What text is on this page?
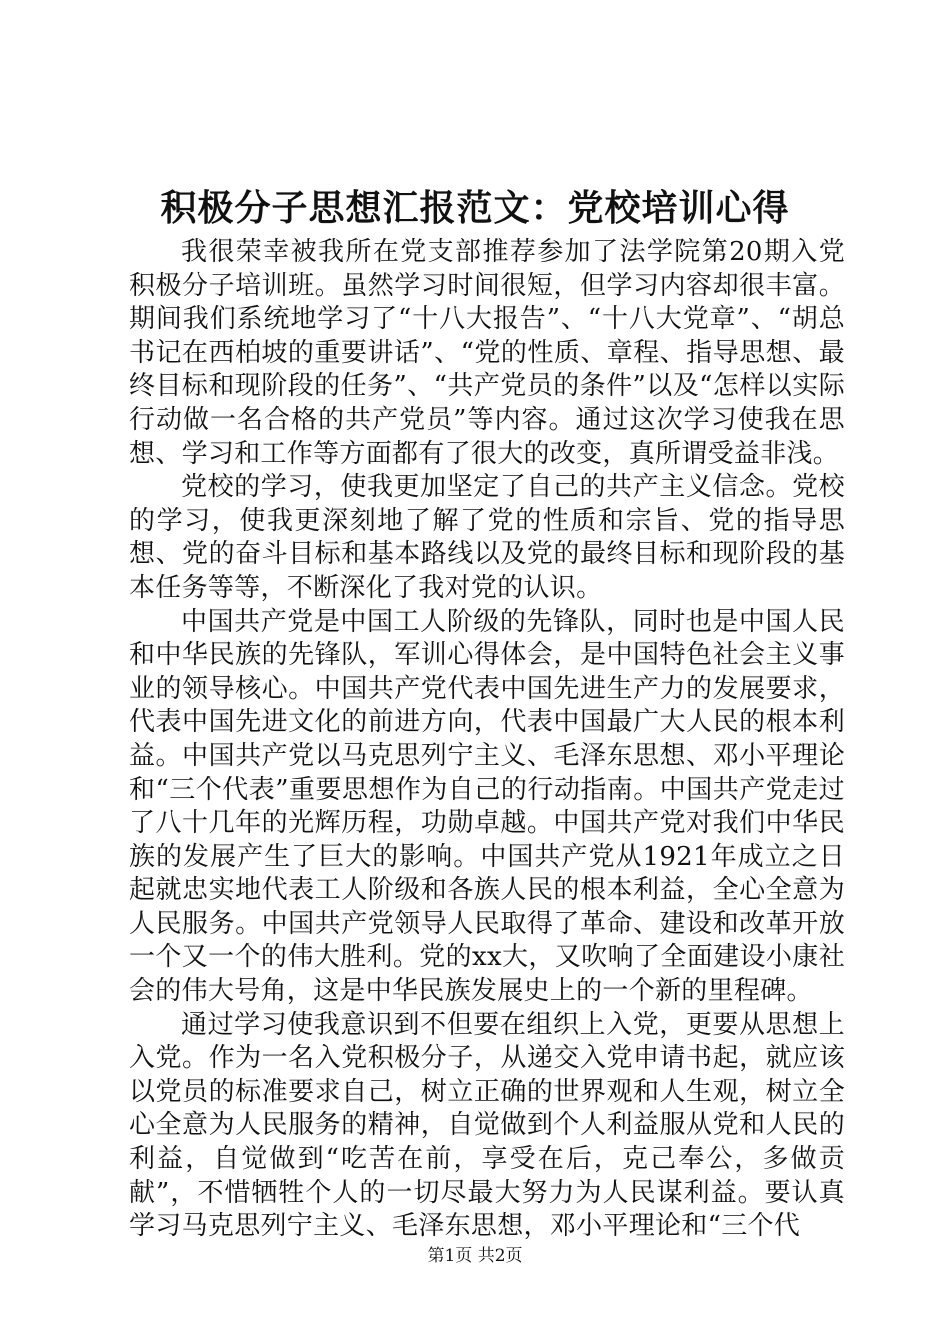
积极分子思想汇报范文：党校培训心得

我很荣幸被我所在党支部推荐参加了法学院第20期入党积极分子培训班。虽然学习时间很短，但学习内容却很丰富。期间我们系统地学习了“十八大报告”、“十八大党章”、“胡总书记在西柏坡的重要讲话”、“党的性质、章程、指导思想、最终目标和现阶段的任务”、“共产党员的条件”以及“怎样以实际行动做一名合格的共产党员”等内容。通过这次学习使我在思想、学习和工作等方面都有了很大的改变，真所谓受益非浅。

党校的学习，使我更加坚定了自己的共产主义信念。党校的学习，使我更深刻地了解了党的性质和宗旨、党的指导思想、党的奋斗目标和基本路线以及党的最终目标和现阶段的基本任务等等，不断深化了我对党的认识。

中国共产党是中国工人阶级的先锋队，同时也是中国人民和中华民族的先锋队，军训心得体会，是中国特色社会主义事业的领导核心。中国共产党代表中国先进生产力的发展要求，代表中国先进文化的前进方向，代表中国最广大人民的根本利益。中国共产党以马克思列宁主义、毛泽东思想、邓小平理论和“三个代表”重要思想作为自己的行动指南。中国共产党走过了八十几年的光辉历程，功勋卓越。中国共产党对我们中华民族的发展产生了巨大的影响。中国共产党从1921年成立之日起就忠实地代表工人阶级和各族人民的根本利益，全心全意为人民服务。中国共产党领导人民取得了革命、建设和改革开放一个又一个的伟大胜利。党的xx大，又吹响了全面建设小康社会的伟大号角，这是中华民族发展史上的一个新的里程碑。

通过学习使我意识到不但要在组织上入党，更要从思想上入党。作为一名入党积极分子，从递交入党申请书起，就应该以党员的标准要求自己，树立正确的世界观和人生观，树立全心全意为人民服务的精神，自觉做到个人利益服从党和人民的利益，自觉做到“吃苦在前，享受在后，克己奉公，多做贡献”，不惜牺牲个人的一切尽最大努力为人民谋利益。要认真学习马克思列宁主义、毛泽东思想，邓小平理论和“三个代

第1页 共2页
